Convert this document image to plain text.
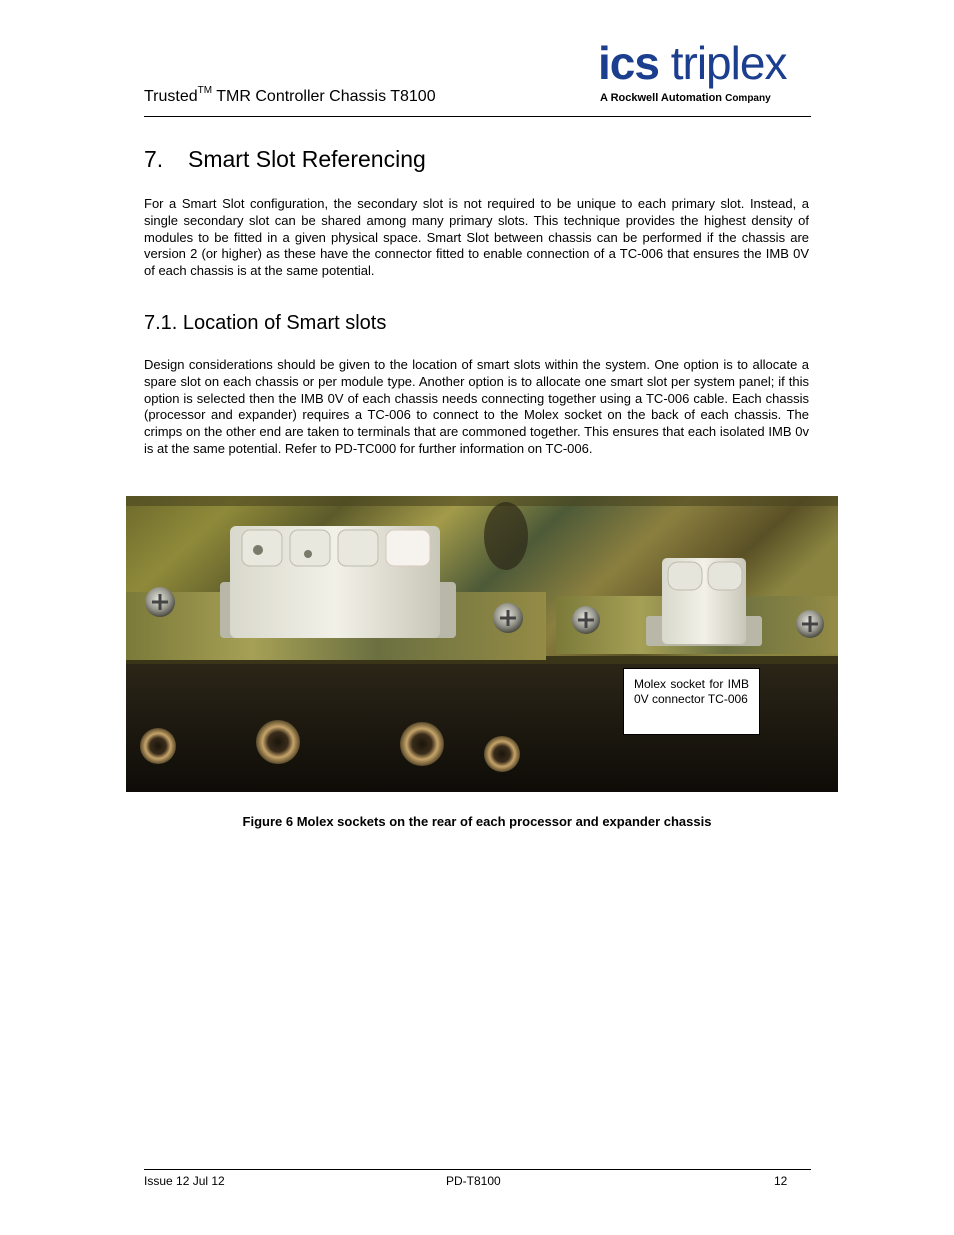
Trusted™ TMR Controller Chassis T8100
ics triplex
A Rockwell Automation Company
7. Smart Slot Referencing
For a Smart Slot configuration, the secondary slot is not required to be unique to each primary slot. Instead, a single secondary slot can be shared among many primary slots. This technique provides the highest density of modules to be fitted in a given physical space. Smart Slot between chassis can be performed if the chassis are version 2 (or higher) as these have the connector fitted to enable connection of a TC-006 that ensures the IMB 0V of each chassis is at the same potential.
7.1. Location of Smart slots
Design considerations should be given to the location of smart slots within the system. One option is to allocate a spare slot on each chassis or per module type. Another option is to allocate one smart slot per system panel; if this option is selected then the IMB 0V of each chassis needs connecting together using a TC-006 cable. Each chassis (processor and expander) requires a TC-006 to connect to the Molex socket on the back of each chassis. The crimps on the other end are taken to terminals that are commoned together. This ensures that each isolated IMB 0v is at the same potential. Refer to PD-TC000 for further information on TC-006.
Molex socket for IMB 0V connector TC-006
Figure 6 Molex sockets on the rear of each processor and expander chassis
Issue 12 Jul 12	PD-T8100	12
